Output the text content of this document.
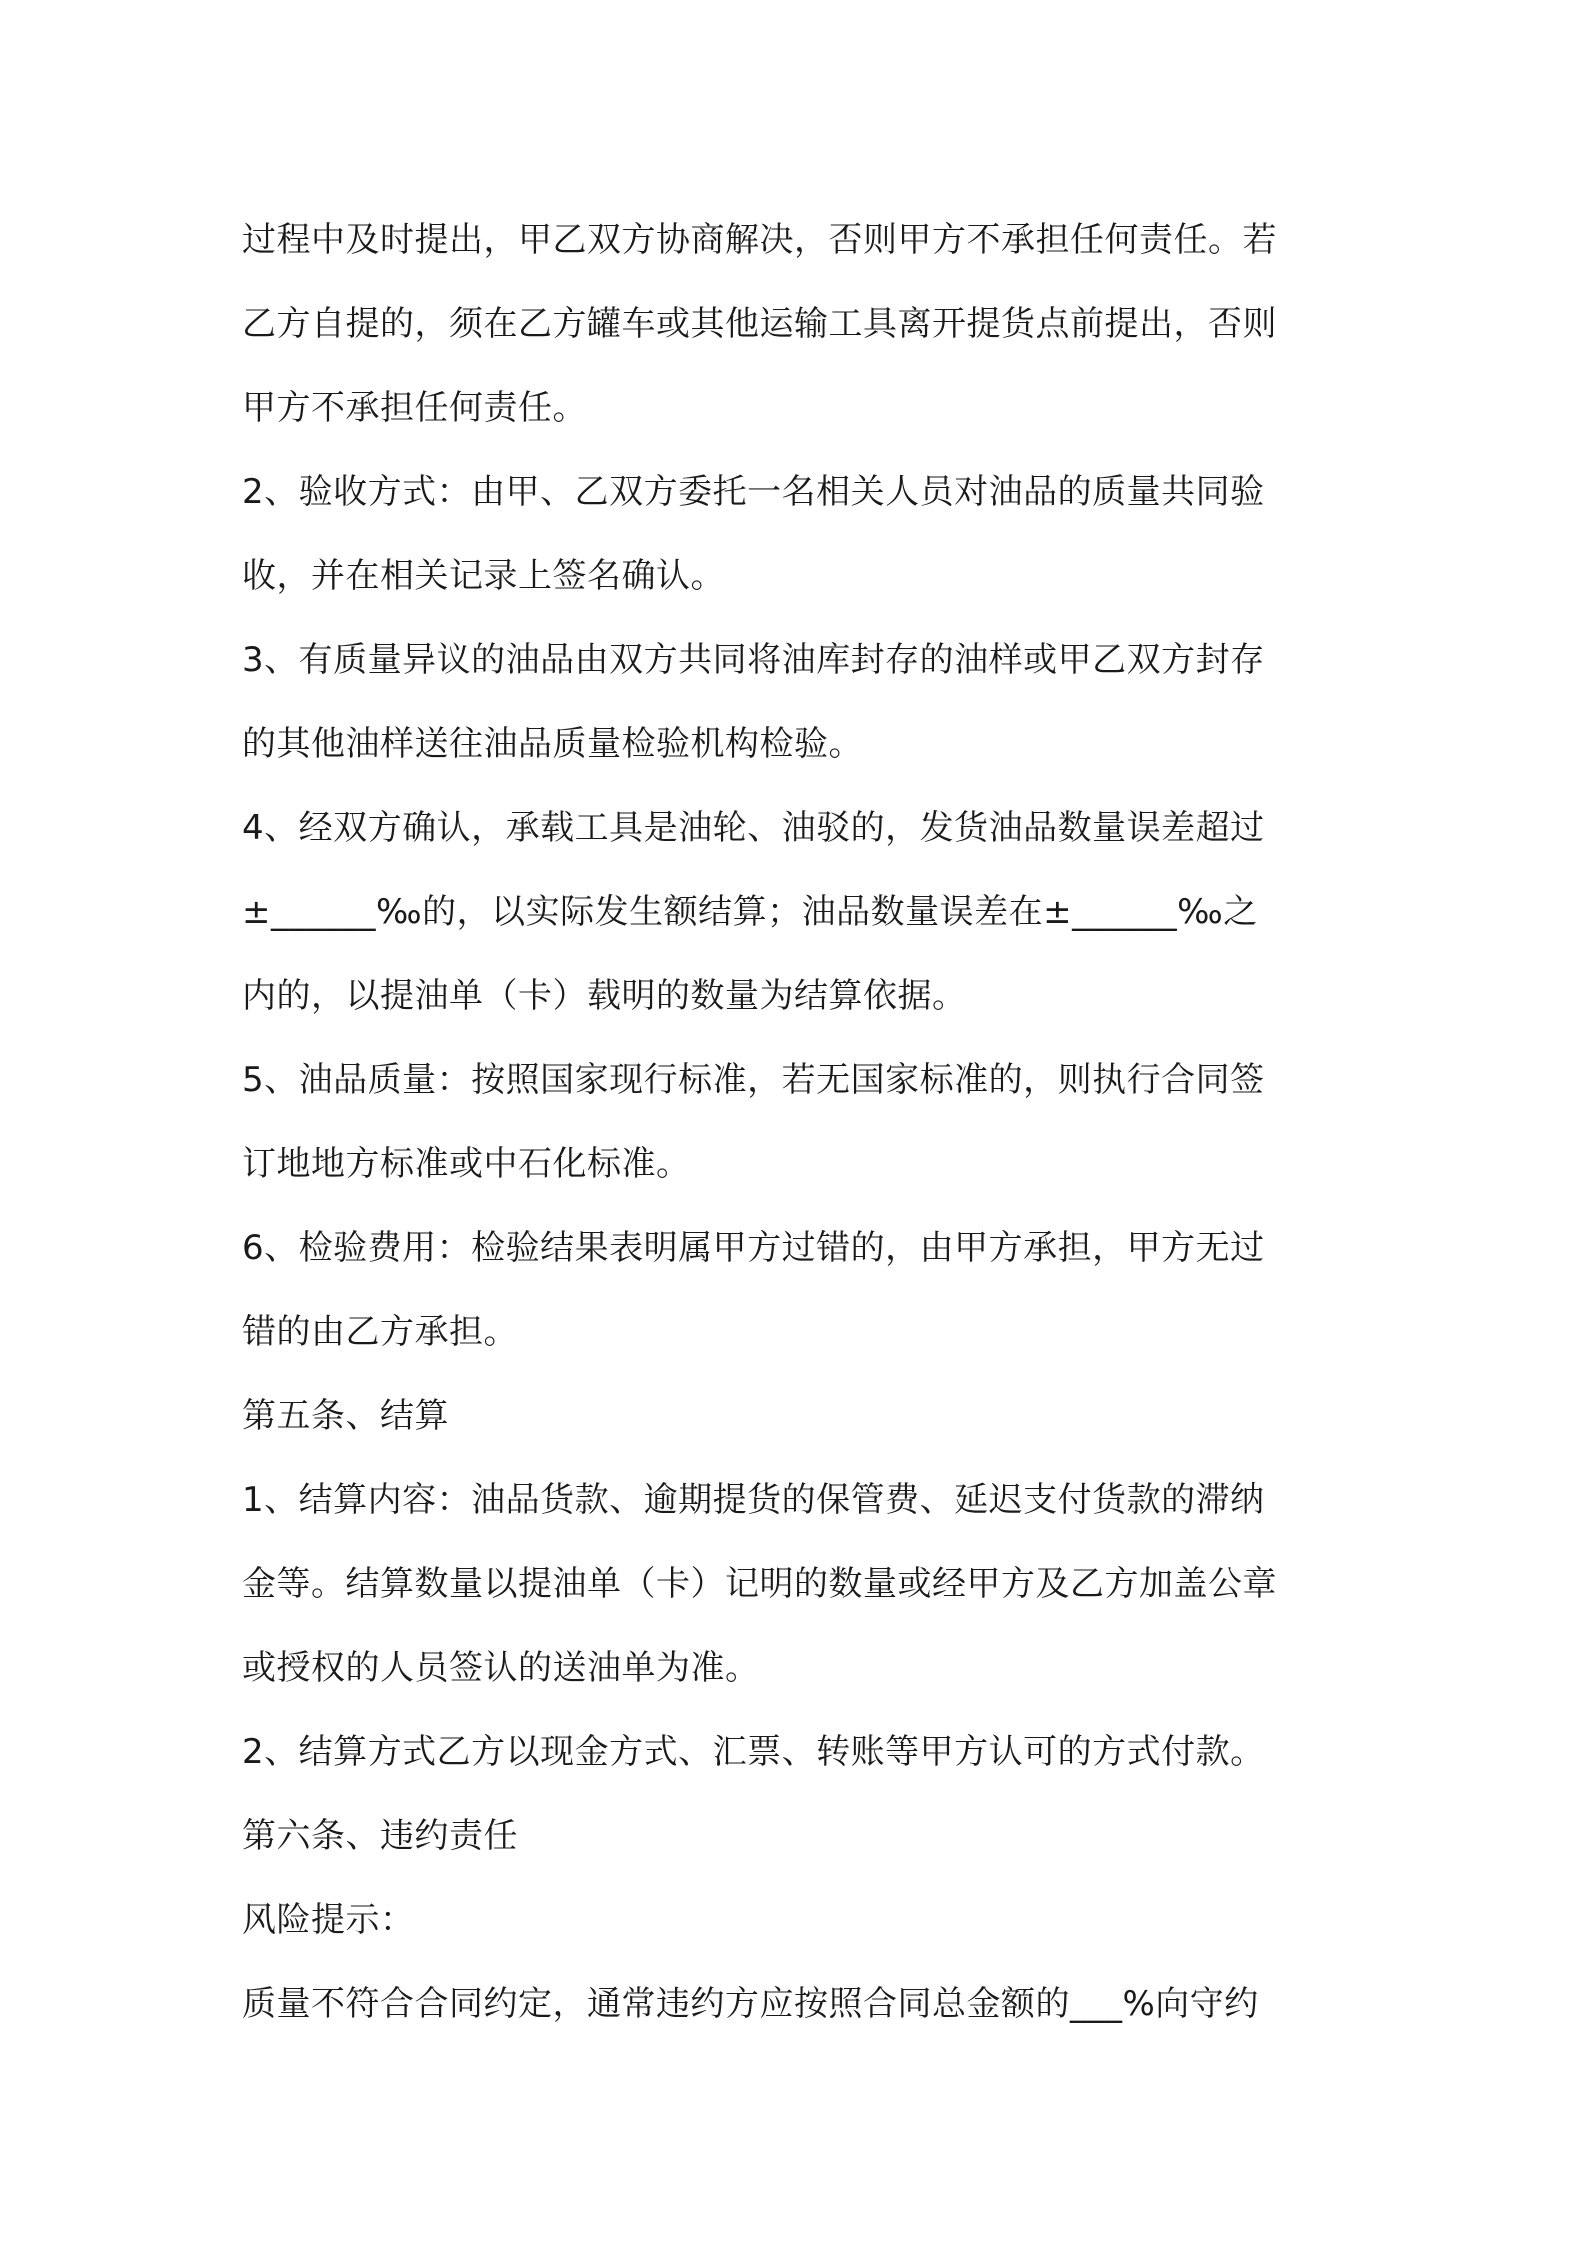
过程中及时提出，甲乙双方协商解决，否则甲方不承担任何责任。若
乙方自提的，须在乙方罐车或其他运输工具离开提货点前提出，否则
甲方不承担任何责任。
2、验收方式：由甲、乙双方委托一名相关人员对油品的质量共同验
收，并在相关记录上签名确认。
3、有质量异议的油品由双方共同将油库封存的油样或甲乙双方封存
的其他油样送往油品质量检验机构检验。
4、经双方确认，承载工具是油轮、油驳的，发货油品数量误差超过
±______‰的，以实际发生额结算；油品数量误差在±______‰之
内的，以提油单（卡）载明的数量为结算依据。
5、油品质量：按照国家现行标准，若无国家标准的，则执行合同签
订地地方标准或中石化标准。
6、检验费用：检验结果表明属甲方过错的，由甲方承担，甲方无过
错的由乙方承担。
第五条、结算
1、结算内容：油品货款、逾期提货的保管费、延迟支付货款的滞纳
金等。结算数量以提油单（卡）记明的数量或经甲方及乙方加盖公章
或授权的人员签认的送油单为准。
2、结算方式乙方以现金方式、汇票、转账等甲方认可的方式付款。
第六条、违约责任
风险提示：
质量不符合合同约定，通常违约方应按照合同总金额的___%向守约
